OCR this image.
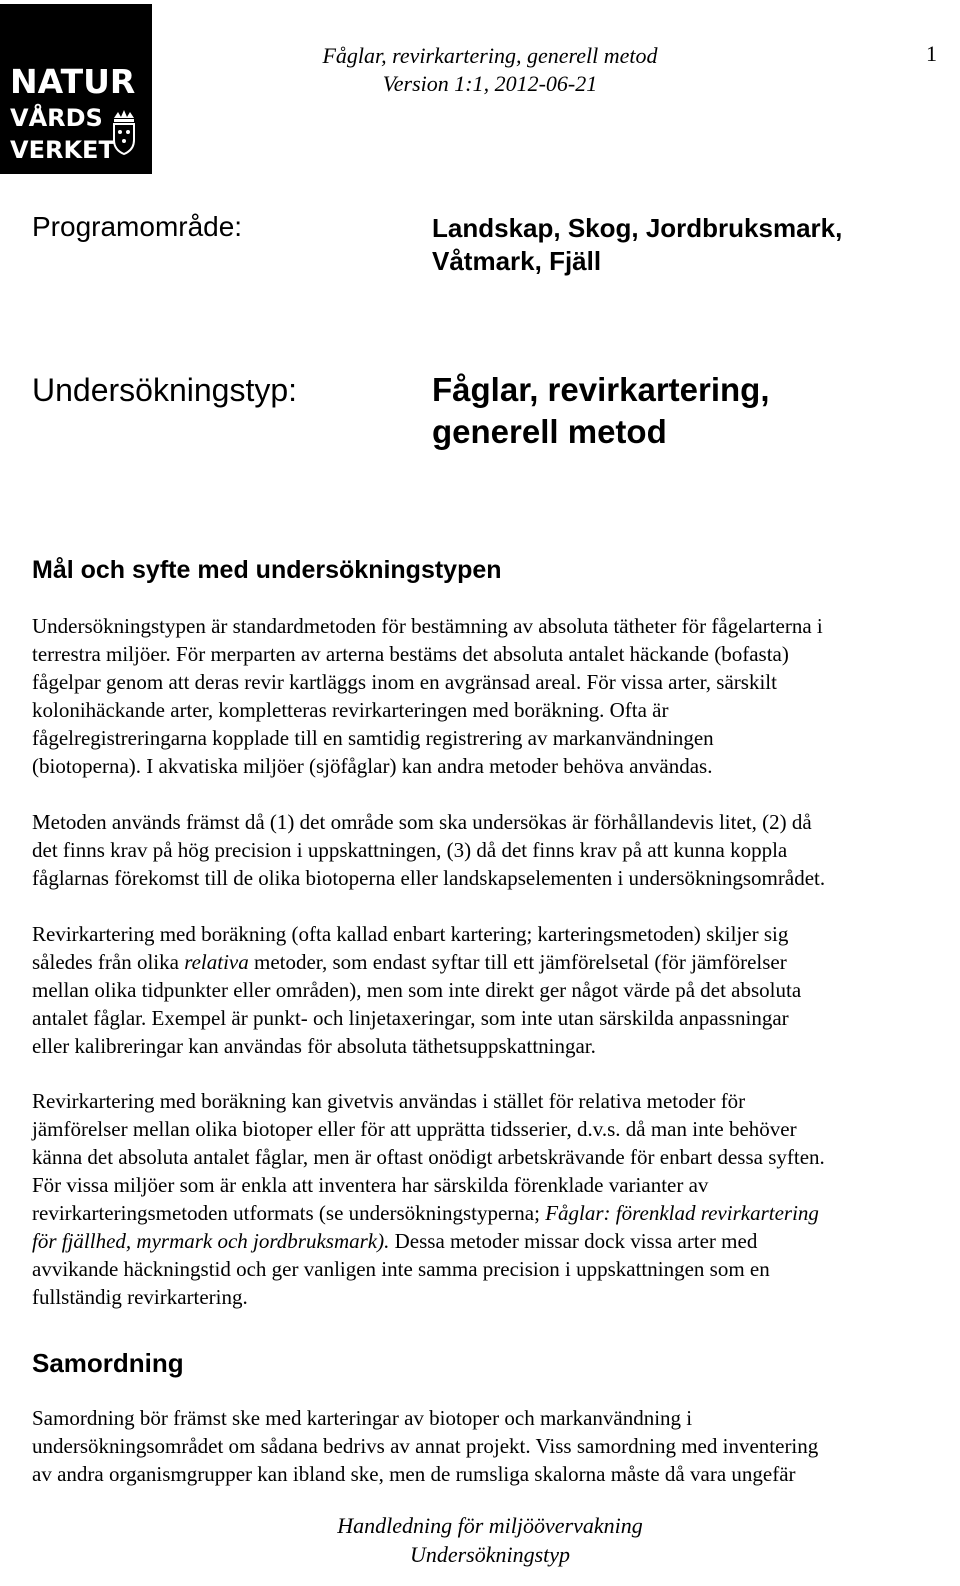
NATUR
VÅRDS
VERKET
Fåglar, revirkartering, generell metod
Version 1:1, 2012-06-21
1
Programområde:	Landskap, Skog, Jordbruksmark,
Våtmark, Fjäll
Undersökningstyp:	Fåglar, revirkartering,
generell metod
Mål och syfte med undersökningstypen
Undersökningstypen är standardmetoden för bestämning av absoluta tätheter för fågelarterna i
terrestra miljöer. För merparten av arterna bestäms det absoluta antalet häckande (bofasta)
fågelpar genom att deras revir kartläggs inom en avgränsad areal. För vissa arter, särskilt
kolonihäckande arter, kompletteras revirkarteringen med boräkning. Ofta är
fågelregistreringarna kopplade till en samtidig registrering av markanvändningen
(biotoperna). I akvatiska miljöer (sjöfåglar) kan andra metoder behöva användas.
Metoden används främst då (1) det område som ska undersökas är förhållandevis litet, (2) då
det finns krav på hög precision i uppskattningen, (3) då det finns krav på att kunna koppla
fåglarnas förekomst till de olika biotoperna eller landskapselementen i undersökningsområdet.
Revirkartering med boräkning (ofta kallad enbart kartering; karteringsmetoden) skiljer sig
således från olika relativa metoder, som endast syftar till ett jämförelsetal (för jämförelser
mellan olika tidpunkter eller områden), men som inte direkt ger något värde på det absoluta
antalet fåglar. Exempel är punkt- och linjetaxeringar, som inte utan särskilda anpassningar
eller kalibreringar kan användas för absoluta täthetsuppskattningar.
Revirkartering med boräkning kan givetvis användas i stället för relativa metoder för
jämförelser mellan olika biotoper eller för att upprätta tidsserier, d.v.s. då man inte behöver
känna det absoluta antalet fåglar, men är oftast onödigt arbetskrävande för enbart dessa syften.
För vissa miljöer som är enkla att inventera har särskilda förenklade varianter av
revirkarteringsmetoden utformats (se undersökningstyperna; Fåglar: förenklad revirkartering
för fjällhed, myrmark och jordbruksmark). Dessa metoder missar dock vissa arter med
avvikande häckningstid och ger vanligen inte samma precision i uppskattningen som en
fullständig revirkartering.
Samordning
Samordning bör främst ske med karteringar av biotoper och markanvändning i
undersökningsområdet om sådana bedrivs av annat projekt. Viss samordning med inventering
av andra organismgrupper kan ibland ske, men de rumsliga skalorna måste då vara ungefär
Handledning för miljöövervakning
Undersökningstyp
